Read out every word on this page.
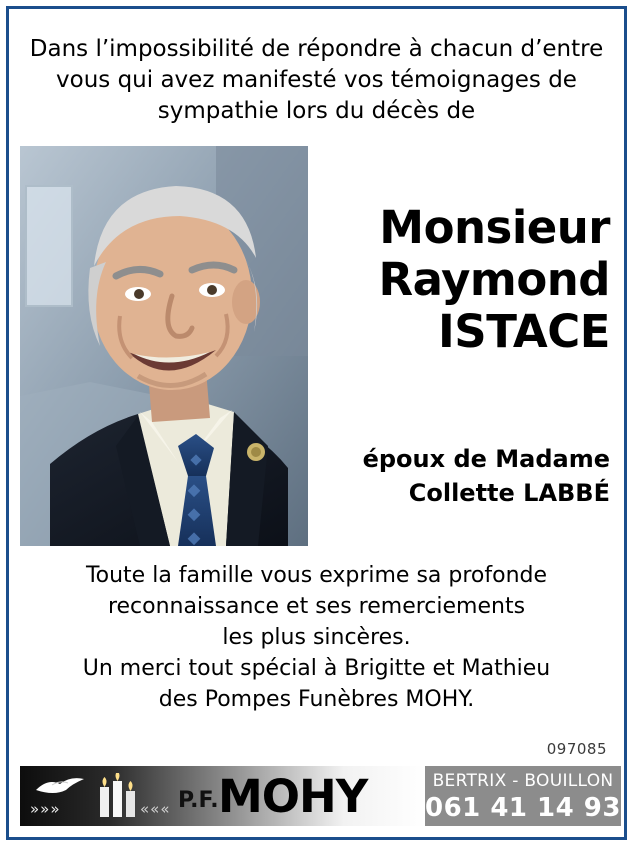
Dans l’impossibilité de répondre à chacun d’entre
vous qui avez manifesté vos témoignages de
sympathie lors du décès de
Monsieur
Raymond
ISTACE
époux de Madame
Collette LABBÉ
Toute la famille vous exprime sa profonde
reconnaissance et ses remerciements
les plus sincères.
Un merci tout spécial à Brigitte et Mathieu
des Pompes Funèbres MOHY.
097085
»»»	««« P.F. MOHY	BERTRIX - BOUILLON
061 41 14 93
